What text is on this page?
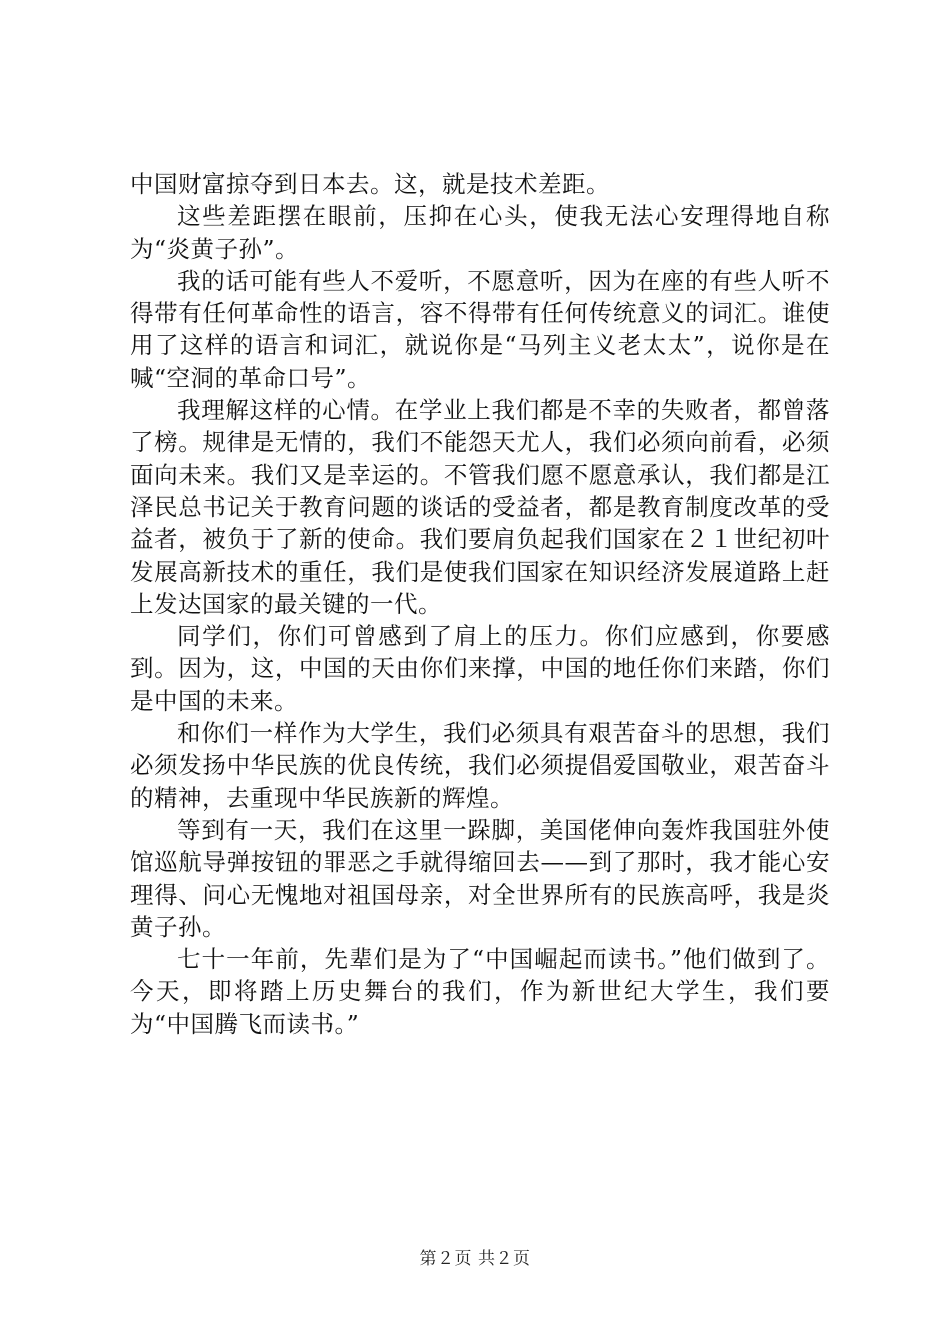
中国财富掠夺到日本去。这，就是技术差距。

这些差距摆在眼前，压抑在心头，使我无法心安理得地自称为“炎黄子孙”。

我的话可能有些人不爱听，不愿意听，因为在座的有些人听不得带有任何革命性的语言，容不得带有任何传统意义的词汇。谁使用了这样的语言和词汇，就说你是“马列主义老太太”，说你是在喊“空洞的革命口号”。

我理解这样的心情。在学业上我们都是不幸的失败者，都曾落了榜。规律是无情的，我们不能怨天尤人，我们必须向前看，必须面向未来。我们又是幸运的。不管我们愿不愿意承认，我们都是江泽民总书记关于教育问题的谈话的受益者，都是教育制度改革的受益者，被负于了新的使命。我们要肩负起我们国家在２１世纪初叶发展高新技术的重任，我们是使我们国家在知识经济发展道路上赶上发达国家的最关键的一代。

同学们，你们可曾感到了肩上的压力。你们应感到，你要感到。因为，这，中国的天由你们来撑，中国的地任你们来踏，你们是中国的未来。

和你们一样作为大学生，我们必须具有艰苦奋斗的思想，我们必须发扬中华民族的优良传统，我们必须提倡爱国敬业，艰苦奋斗的精神，去重现中华民族新的辉煌。

等到有一天，我们在这里一跺脚，美国佬伸向轰炸我国驻外使馆巡航导弹按钮的罪恶之手就得缩回去——到了那时，我才能心安理得、问心无愧地对祖国母亲，对全世界所有的民族高呼，我是炎黄子孙。

七十一年前，先辈们是为了“中国崛起而读书。”他们做到了。今天，即将踏上历史舞台的我们，作为新世纪大学生，我们要为“中国腾飞而读书。”

第２页 共２页
